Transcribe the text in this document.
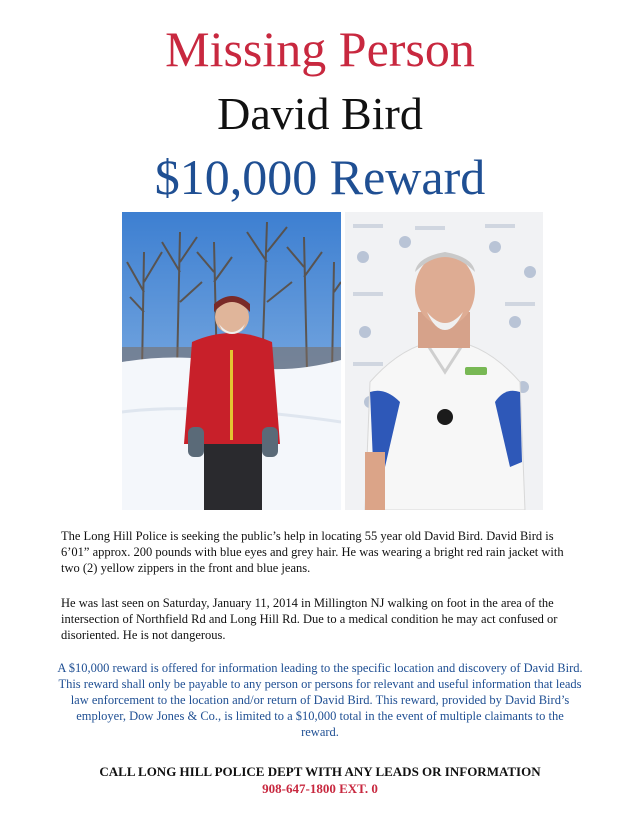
Missing Person
David Bird
$10,000 Reward

The Long Hill Police is seeking the public’s help in locating 55 year old David Bird. David Bird is 6’01” approx. 200 pounds with blue eyes and grey hair. He was wearing a bright red rain jacket with two (2) yellow zippers in the front and blue jeans.

He was last seen on Saturday, January 11, 2014 in Millington NJ walking on foot in the area of the intersection of Northfield Rd and Long Hill Rd. Due to a medical condition he may act confused or disoriented. He is not dangerous.

A $10,000 reward is offered for information leading to the specific location and discovery of David Bird. This reward shall only be payable to any person or persons for relevant and useful information that leads law enforcement to the location and/or return of David Bird. This reward, provided by David Bird’s employer, Dow Jones & Co., is limited to a $10,000 total in the event of multiple claimants to the reward.

CALL LONG HILL POLICE DEPT WITH ANY LEADS OR INFORMATION

908-647-1800 EXT. 0
